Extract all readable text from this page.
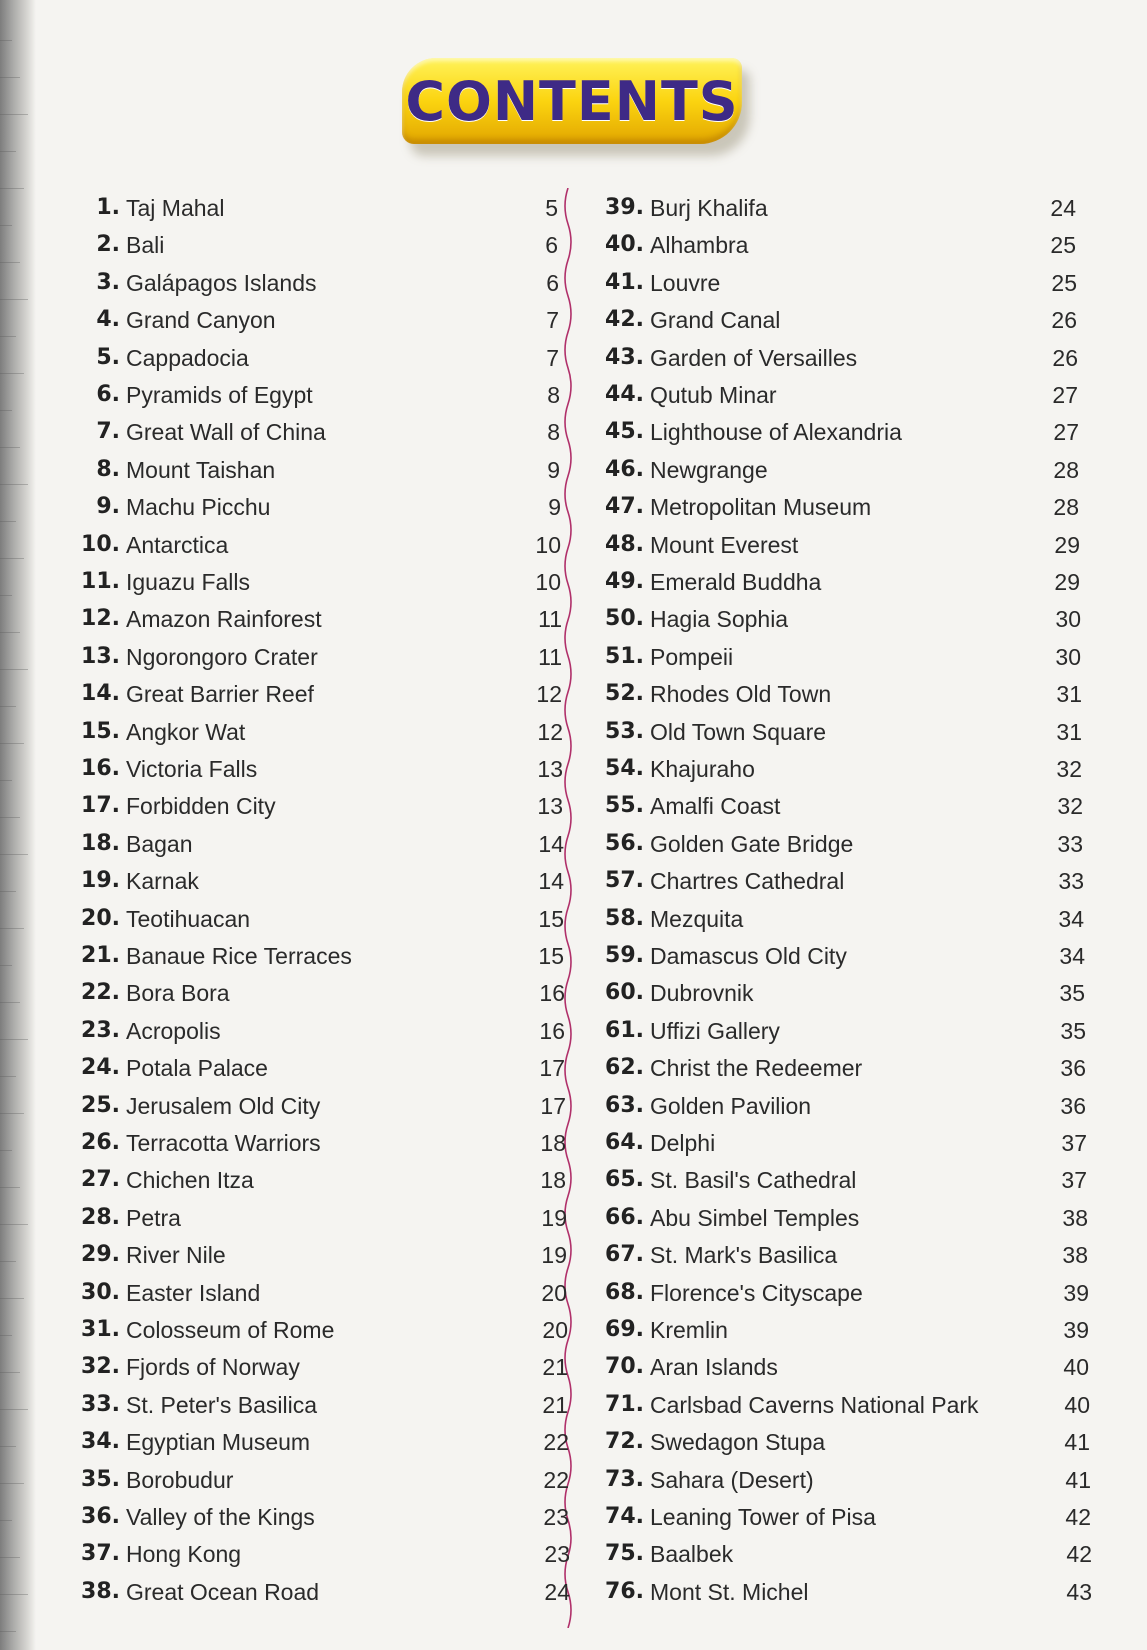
CONTENTS
1. Taj Mahal	5
2. Bali	6
3. Galápagos Islands	6
4. Grand Canyon	7
5. Cappadocia	7
6. Pyramids of Egypt	8
7. Great Wall of China	8
8. Mount Taishan	9
9. Machu Picchu	9
10. Antarctica	10
11. Iguazu Falls	10
12. Amazon Rainforest	11
13. Ngorongoro Crater	11
14. Great Barrier Reef	12
15. Angkor Wat	12
16. Victoria Falls	13
17. Forbidden City	13
18. Bagan	14
19. Karnak	14
20. Teotihuacan	15
21. Banaue Rice Terraces	15
22. Bora Bora	16
23. Acropolis	16
24. Potala Palace	17
25. Jerusalem Old City	17
26. Terracotta Warriors	18
27. Chichen Itza	18
28. Petra	19
29. River Nile	19
30. Easter Island	20
31. Colosseum of Rome	20
32. Fjords of Norway	21
33. St. Peter's Basilica	21
34. Egyptian Museum	22
35. Borobudur	22
36. Valley of the Kings	23
37. Hong Kong	23
38. Great Ocean Road	24
39. Burj Khalifa	24
40. Alhambra	25
41. Louvre	25
42. Grand Canal	26
43. Garden of Versailles	26
44. Qutub Minar	27
45. Lighthouse of Alexandria	27
46. Newgrange	28
47. Metropolitan Museum	28
48. Mount Everest	29
49. Emerald Buddha	29
50. Hagia Sophia	30
51. Pompeii	30
52. Rhodes Old Town	31
53. Old Town Square	31
54. Khajuraho	32
55. Amalfi Coast	32
56. Golden Gate Bridge	33
57. Chartres Cathedral	33
58. Mezquita	34
59. Damascus Old City	34
60. Dubrovnik	35
61. Uffizi Gallery	35
62. Christ the Redeemer	36
63. Golden Pavilion	36
64. Delphi	37
65. St. Basil's Cathedral	37
66. Abu Simbel Temples	38
67. St. Mark's Basilica	38
68. Florence's Cityscape	39
69. Kremlin	39
70. Aran Islands	40
71. Carlsbad Caverns National Park	40
72. Swedagon Stupa	41
73. Sahara (Desert)	41
74. Leaning Tower of Pisa	42
75. Baalbek	42
76. Mont St. Michel	43
